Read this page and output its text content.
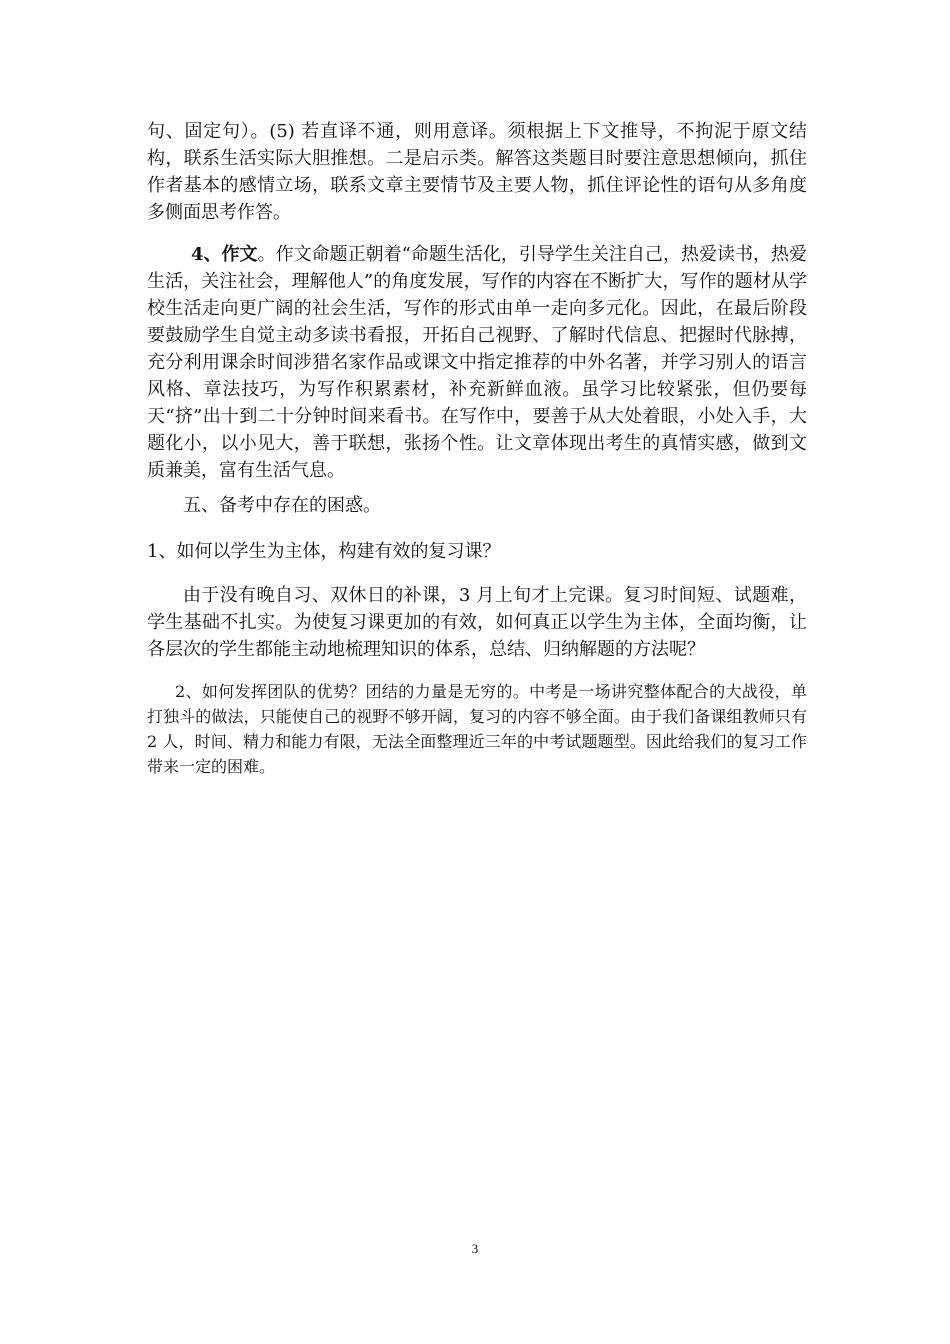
句、固定句）。(5) 若直译不通，则用意译。须根据上下文推导，不拘泥于原文结构，联系生活实际大胆推想。二是启示类。解答这类题目时要注意思想倾向，抓住作者基本的感情立场，联系文章主要情节及主要人物，抓住评论性的语句从多角度多侧面思考作答。

4、作文。作文命题正朝着“命题生活化，引导学生关注自己，热爱读书，热爱生活，关注社会，理解他人”的角度发展，写作的内容在不断扩大，写作的题材从学校生活走向更广阔的社会生活，写作的形式由单一走向多元化。因此，在最后阶段要鼓励学生自觉主动多读书看报，开拓自己视野、了解时代信息、把握时代脉搏，充分利用课余时间涉猎名家作品或课文中指定推荐的中外名著，并学习别人的语言风格、章法技巧，为写作积累素材，补充新鲜血液。虽学习比较紧张，但仍要每天“挤”出十到二十分钟时间来看书。在写作中，要善于从大处着眼，小处入手，大题化小，以小见大，善于联想，张扬个性。让文章体现出考生的真情实感，做到文质兼美，富有生活气息。

五、备考中存在的困惑。

1、如何以学生为主体，构建有效的复习课？

由于没有晚自习、双休日的补课，3 月上旬才上完课。复习时间短、试题难，学生基础不扎实。为使复习课更加的有效，如何真正以学生为主体，全面均衡，让各层次的学生都能主动地梳理知识的体系，总结、归纳解题的方法呢？

2、如何发挥团队的优势？团结的力量是无穷的。中考是一场讲究整体配合的大战役，单打独斗的做法，只能使自己的视野不够开阔，复习的内容不够全面。由于我们备课组教师只有 2 人，时间、精力和能力有限，无法全面整理近三年的中考试题题型。因此给我们的复习工作带来一定的困难。

3
